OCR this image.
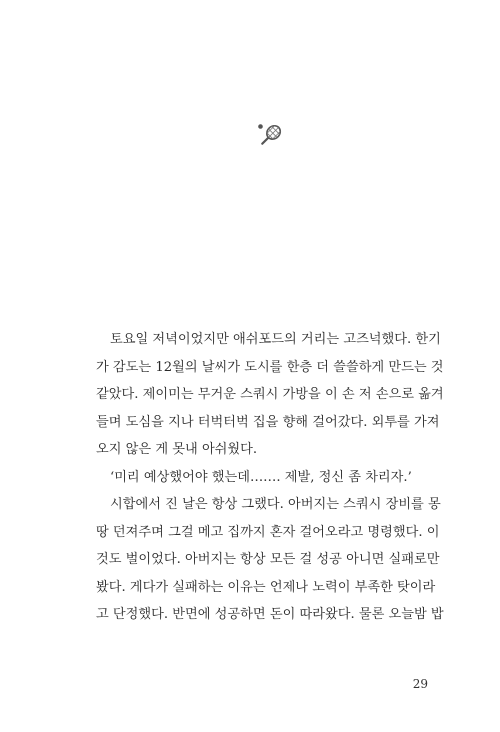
토요일 저녁이었지만 애쉬포드의 거리는 고즈넉했다. 한기
가 감도는 12월의 날씨가 도시를 한층 더 쓸쓸하게 만드는 것
같았다. 제이미는 무거운 스쿼시 가방을 이 손 저 손으로 옮겨
들며 도심을 지나 터벅터벅 집을 향해 걸어갔다. 외투를 가져
오지 않은 게 못내 아쉬웠다.
‘미리 예상했어야 했는데……. 제발, 정신 좀 차리자.’
시합에서 진 날은 항상 그랬다. 아버지는 스쿼시 장비를 몽
땅 던져주며 그걸 메고 집까지 혼자 걸어오라고 명령했다. 이
것도 벌이었다. 아버지는 항상 모든 걸 성공 아니면 실패로만
봤다. 게다가 실패하는 이유는 언제나 노력이 부족한 탓이라
고 단정했다. 반면에 성공하면 돈이 따라왔다. 물론 오늘밤 밥
29
